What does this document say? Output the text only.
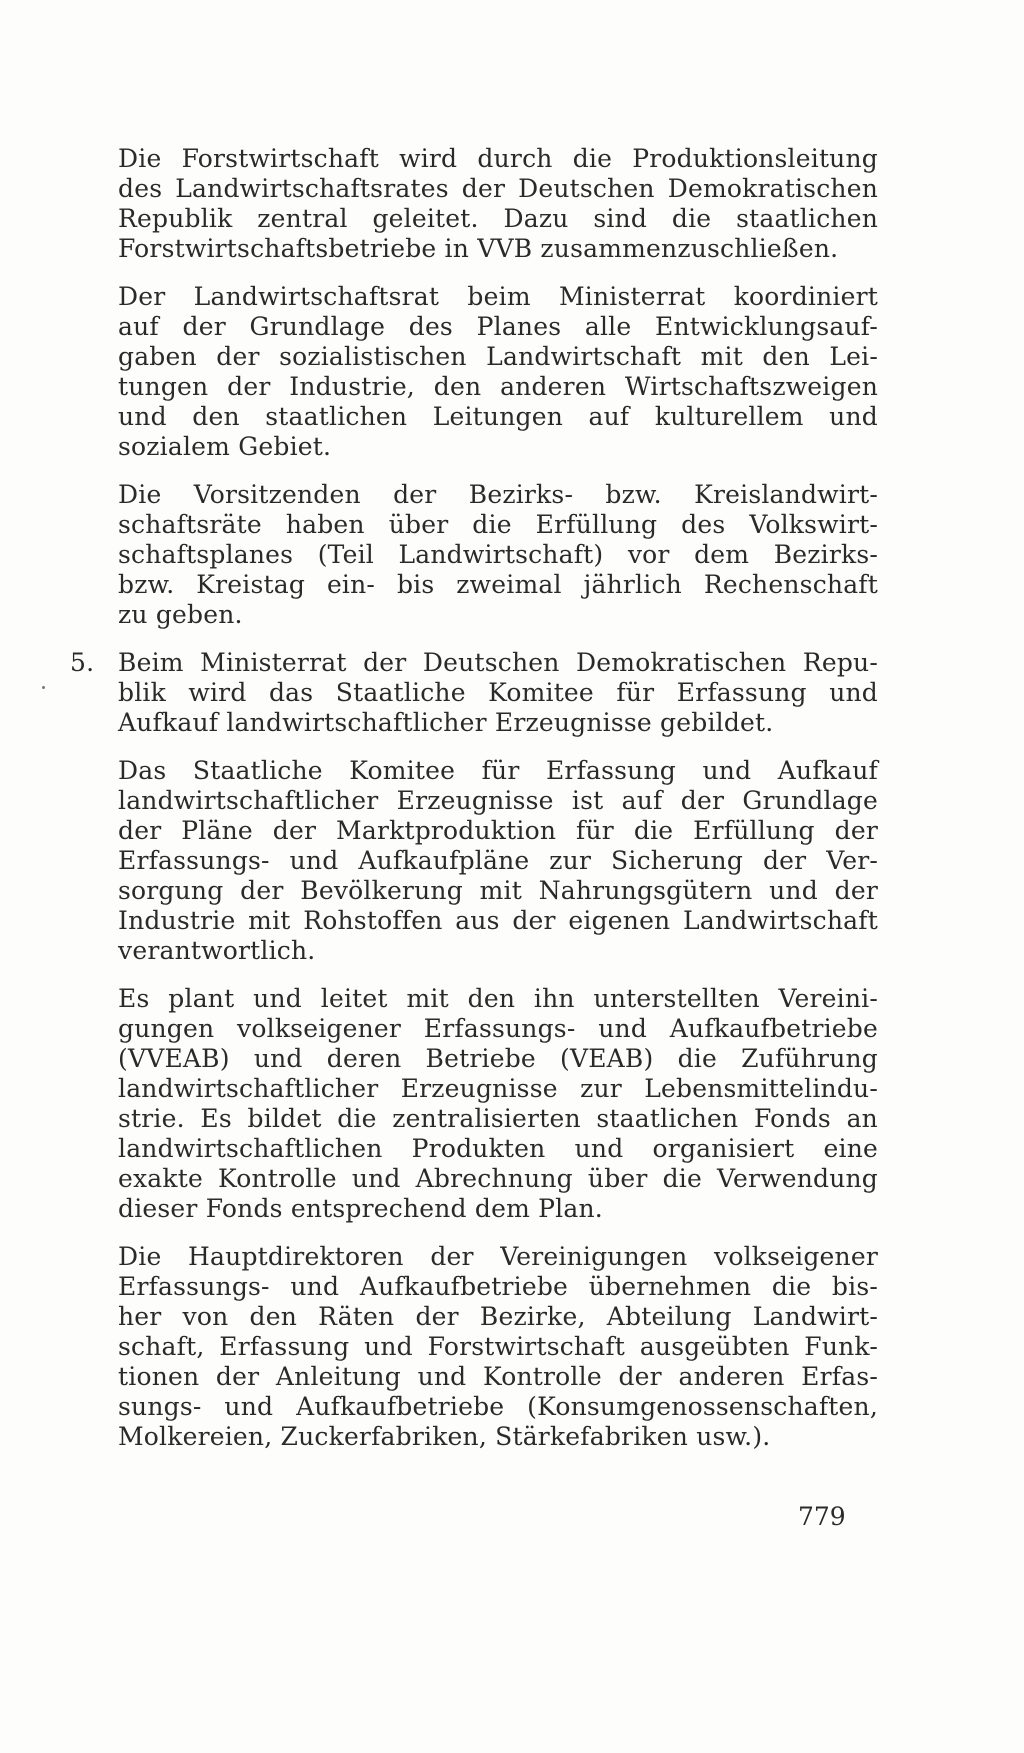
Die Forstwirtschaft wird durch die Produktionsleitung
des Landwirtschaftsrates der Deutschen Demokratischen
Republik zentral geleitet. Dazu sind die staatlichen
Forstwirtschaftsbetriebe in VVB zusammenzuschließen.

Der Landwirtschaftsrat beim Ministerrat koordiniert
auf der Grundlage des Planes alle Entwicklungsauf-
gaben der sozialistischen Landwirtschaft mit den Lei-
tungen der Industrie, den anderen Wirtschaftszweigen
und den staatlichen Leitungen auf kulturellem und
sozialem Gebiet.

Die Vorsitzenden der Bezirks- bzw. Kreislandwirt-
schaftsräte haben über die Erfüllung des Volkswirt-
schaftsplanes (Teil Landwirtschaft) vor dem Bezirks-
bzw. Kreistag ein- bis zweimal jährlich Rechenschaft
zu geben.

5. Beim Ministerrat der Deutschen Demokratischen Repu-
blik wird das Staatliche Komitee für Erfassung und
Aufkauf landwirtschaftlicher Erzeugnisse gebildet.

Das Staatliche Komitee für Erfassung und Aufkauf
landwirtschaftlicher Erzeugnisse ist auf der Grundlage
der Pläne der Marktproduktion für die Erfüllung der
Erfassungs- und Aufkaufpläne zur Sicherung der Ver-
sorgung der Bevölkerung mit Nahrungsgütern und der
Industrie mit Rohstoffen aus der eigenen Landwirtschaft
verantwortlich.

Es plant und leitet mit den ihn unterstellten Vereini-
gungen volkseigener Erfassungs- und Aufkaufbetriebe
(VVEAB) und deren Betriebe (VEAB) die Zuführung
landwirtschaftlicher Erzeugnisse zur Lebensmittelindu-
strie. Es bildet die zentralisierten staatlichen Fonds an
landwirtschaftlichen Produkten und organisiert eine
exakte Kontrolle und Abrechnung über die Verwendung
dieser Fonds entsprechend dem Plan.

Die Hauptdirektoren der Vereinigungen volkseigener
Erfassungs- und Aufkaufbetriebe übernehmen die bis-
her von den Räten der Bezirke, Abteilung Landwirt-
schaft, Erfassung und Forstwirtschaft ausgeübten Funk-
tionen der Anleitung und Kontrolle der anderen Erfas-
sungs- und Aufkaufbetriebe (Konsumgenossenschaften,
Molkereien, Zuckerfabriken, Stärkefabriken usw.).

779
